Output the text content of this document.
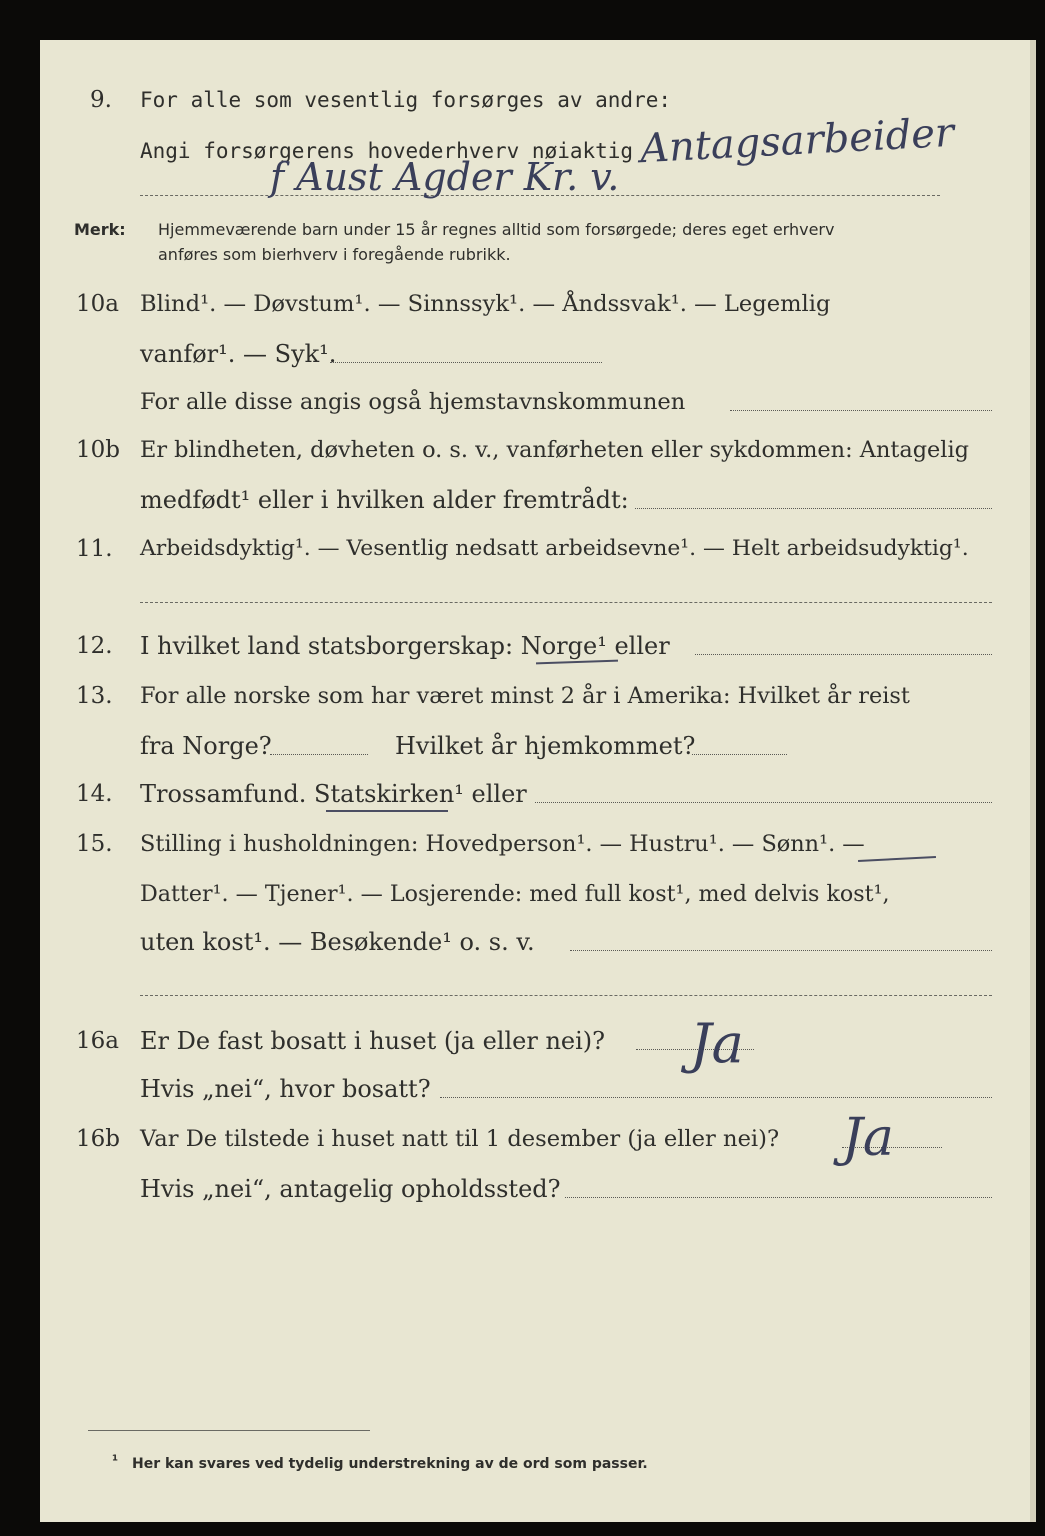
9. For alle som vesentlig forsørges av andre:
Angi forsørgerens hovederhverv nøiaktig Antagsarbeider
f Aust Agder Kr. v.
Merk: Hjemmeværende barn under 15 år regnes alltid som forsørgede; deres eget erhverv
anføres som bierhverv i foregående rubrikk.
10a Blind¹. — Døvstum¹. — Sinnssyk¹. — Åndssvak¹. — Legemlig
vanfør¹. — Syk¹.
For alle disse angis også hjemstavnskommunen
10b Er blindheten, døvheten o. s. v., vanførheten eller sykdommen: Antagelig
medfødt¹ eller i hvilken alder fremtrådt:
11. Arbeidsdyktig¹. — Vesentlig nedsatt arbeidsevne¹. — Helt arbeidsudyktig¹.
12. I hvilket land statsborgerskap: Norge¹ eller
13. For alle norske som har været minst 2 år i Amerika: Hvilket år reist
fra Norge?	Hvilket år hjemkommet?
14. Trossamfund. Statskirken¹ eller
15. Stilling i husholdningen: Hovedperson¹. — Hustru¹. — Sønn¹. —
Datter¹. — Tjener¹. — Losjerende: med full kost¹, med delvis kost¹,
uten kost¹. — Besøkende¹ o. s. v.
16a Er De fast bosatt i huset (ja eller nei)? Ja
Hvis „nei“, hvor bosatt?
16b Var De tilstede i huset natt til 1 desember (ja eller nei)? Ja
Hvis „nei“, antagelig opholdssted?
¹ Her kan svares ved tydelig understrekning av de ord som passer.
